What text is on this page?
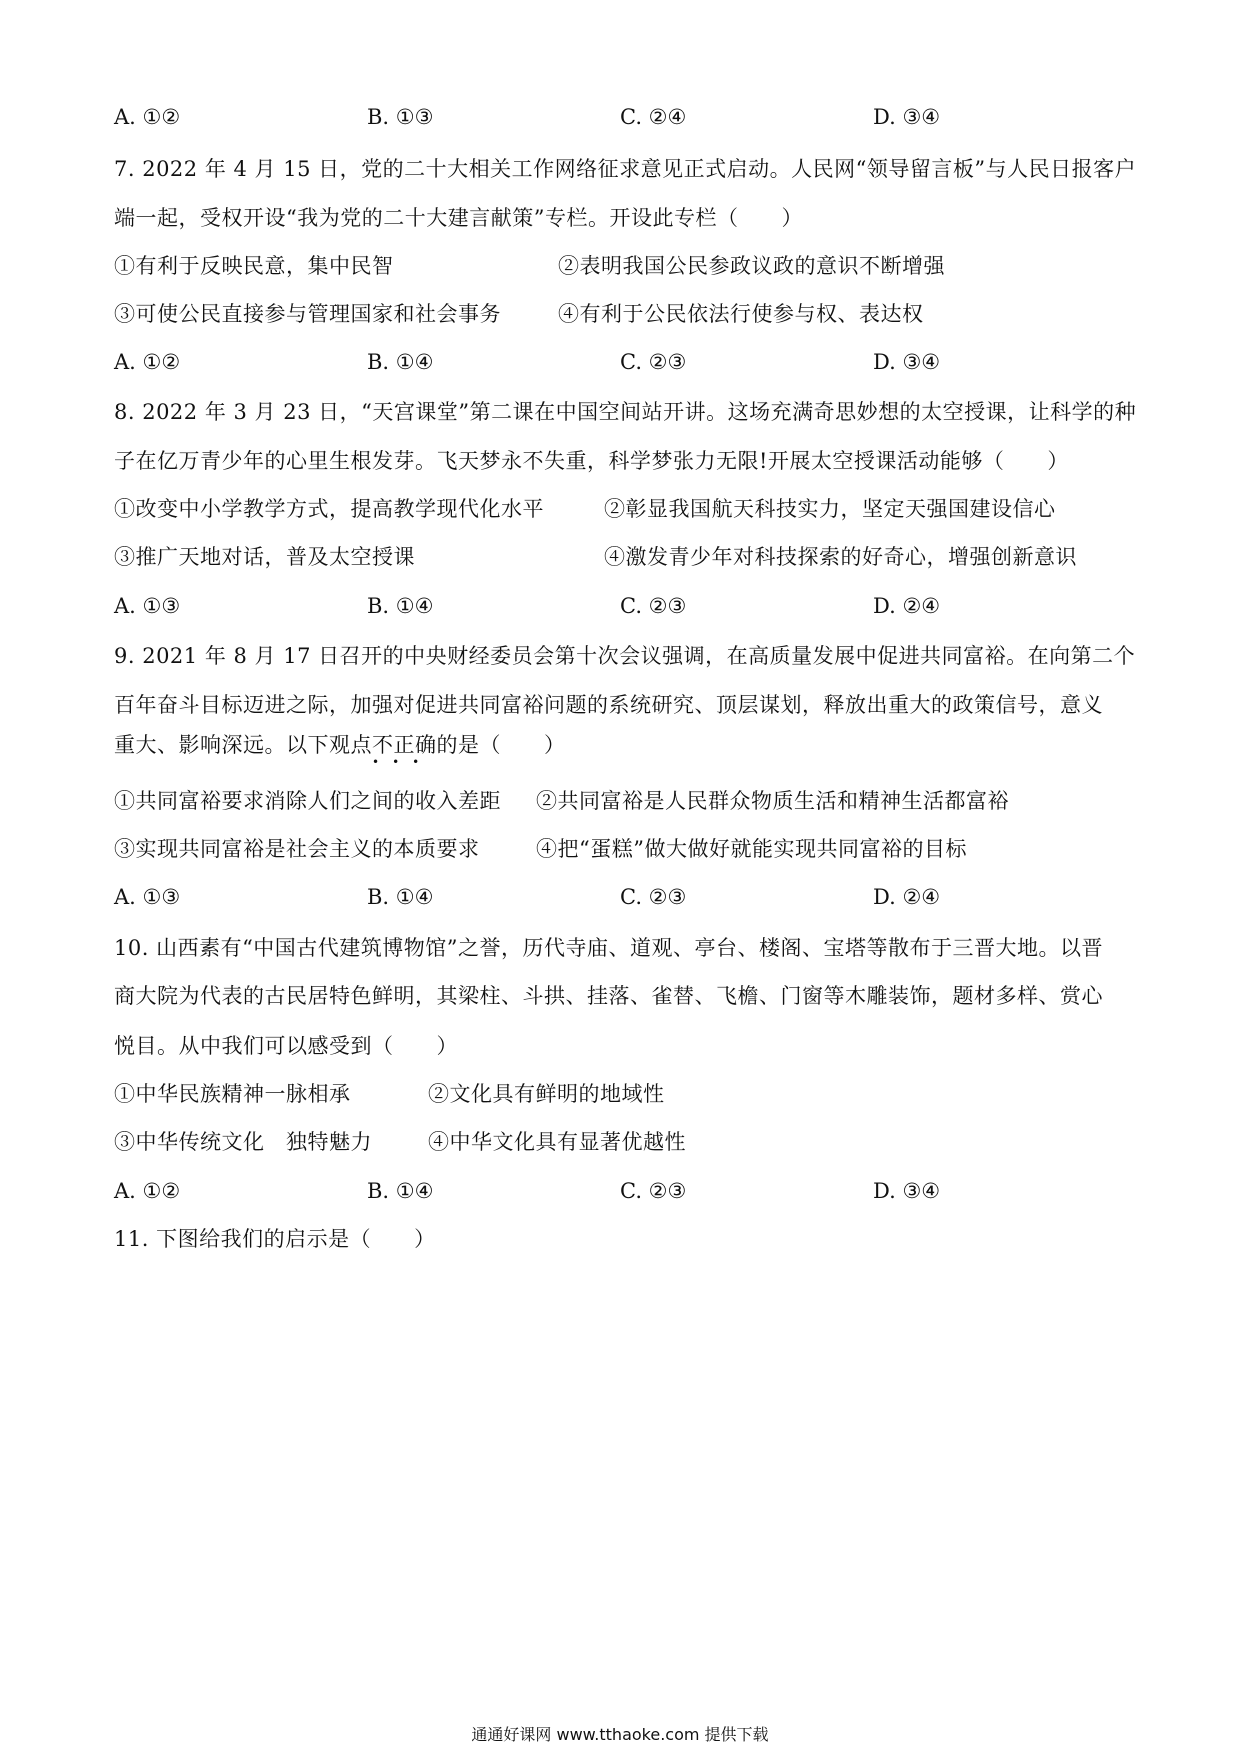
A. ①②	B. ①③	C. ②④	D. ③④
7. 2022 年 4 月 15 日，党的二十大相关工作网络征求意见正式启动。人民网“领导留言板”与人民日报客户
端一起，受权开设“我为党的二十大建言献策”专栏。开设此专栏（　　）
①有利于反映民意，集中民智	②表明我国公民参政议政的意识不断增强
③可使公民直接参与管理国家和社会事务	④有利于公民依法行使参与权、表达权
A. ①②	B. ①④	C. ②③	D. ③④
8. 2022 年 3 月 23 日，“天宫课堂”第二课在中国空间站开讲。这场充满奇思妙想的太空授课，让科学的种
子在亿万青少年的心里生根发芽。飞天梦永不失重，科学梦张力无限!开展太空授课活动能够（　　）
①改变中小学教学方式，提高教学现代化水平	②彰显我国航天科技实力，坚定天强国建设信心
③推广天地对话，普及太空授课	④激发青少年对科技探索的好奇心，增强创新意识
A. ①③	B. ①④	C. ②③	D. ②④
9. 2021 年 8 月 17 日召开的中央财经委员会第十次会议强调，在高质量发展中促进共同富裕。在向第二个
百年奋斗目标迈进之际，加强对促进共同富裕问题的系统研究、顶层谋划，释放出重大的政策信号，意义
重大、影响深远。以下观点不正确
•••
的是（　　）
①共同富裕要求消除人们之间的收入差距 ②共同富裕是人民群众物质生活和精神生活都富裕
③实现共同富裕是社会主义的本质要求	④把“蛋糕”做大做好就能实现共同富裕的目标
A. ①③	B. ①④	C. ②③	D. ②④
10. 山西素有“中国古代建筑博物馆”之誉，历代寺庙、道观、亭台、楼阁、宝塔等散布于三晋大地。以晋
商大院为代表的古民居特色鲜明，其梁柱、斗拱、挂落、雀替、飞檐、门窗等木雕装饰，题材多样、赏心
悦目。从中我们可以感受到（　　）
①中华民族精神一脉相承	②文化具有鲜明的地域性
③中华传统文化　独特魅力	④中华文化具有显著优越性
A. ①②	B. ①④	C. ②③	D. ③④
11. 下图给我们的启示是（　　）
通通好课网 www.tthaoke.com 提供下载
